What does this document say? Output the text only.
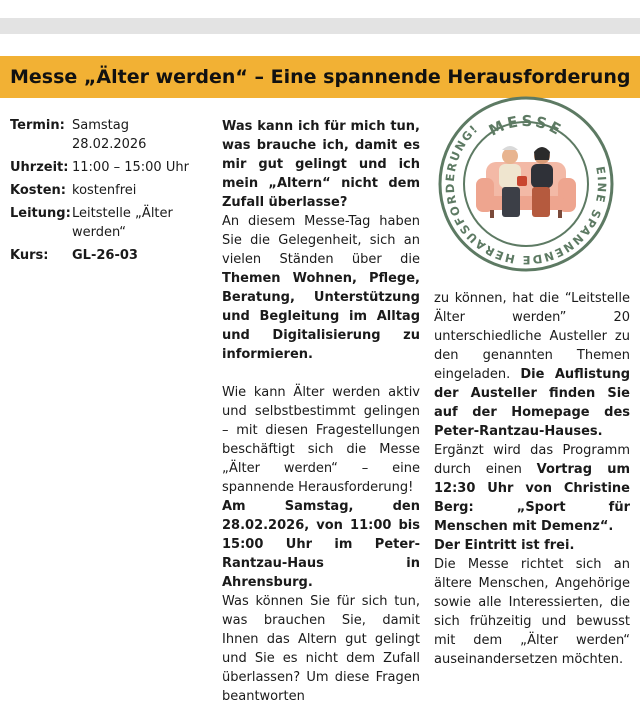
Messe „Älter werden“ – Eine spannende Herausforderung
Termin: Samstag 28.02.2026
Uhrzeit: 11:00 – 15:00 Uhr
Kosten: kostenfrei
Leitung: Leitstelle „Älter werden“
Kurs:	GL-26-03

Was kann ich für mich tun, was brauche ich, damit es mir gut gelingt und ich mein „Altern“ nicht dem Zufall überlasse?

An diesem Messe-Tag haben Sie die Gelegenheit, sich an vielen Ständen über die Themen Wohnen, Pflege, Beratung, Unterstützung und Begleitung im Alltag und Digitalisierung zu informieren.

Wie kann Älter werden aktiv und selbstbestimmt gelingen – mit diesen Fragestellungen beschäftigt sich die Messe „Älter werden“ – eine spannende Herausforderung!

Am Samstag, den 28.02.2026, von 11:00 bis 15:00 Uhr im Peter-Rantzau-Haus in Ahrensburg.

Was können Sie für sich tun, was brauchen Sie, damit Ihnen das Altern gut gelingt und Sie es nicht dem Zufall überlassen? Um diese Fragen beantworten

MESSE
EINE SPANNENDE HERAUSFORDERUNG!

zu können, hat die “Leitstelle Älter werden” 20 unterschiedliche Austeller zu den genannten Themen eingeladen. Die Auflistung der Austeller finden Sie auf der Homepage des Peter-Rantzau-Hauses.

Ergänzt wird das Programm durch einen Vortrag um 12:30 Uhr von Christine Berg: „Sport für Menschen mit Demenz“.

Der Eintritt ist frei.

Die Messe richtet sich an ältere Menschen, Angehörige sowie alle Interessierten, die sich frühzeitig und bewusst mit dem „Älter werden“ auseinandersetzen möchten.
